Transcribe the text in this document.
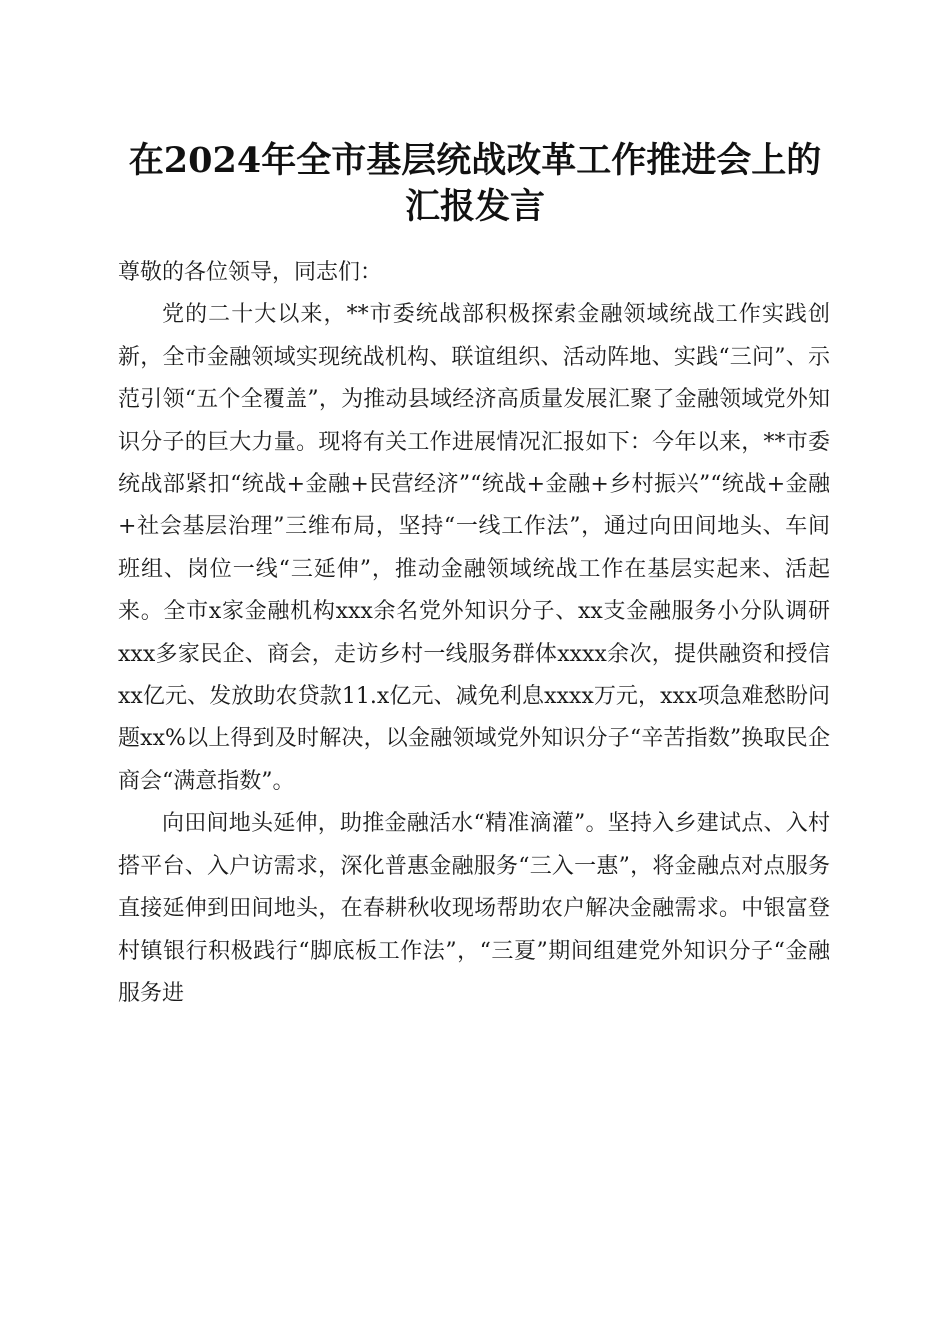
在2024年全市基层统战改革工作推进会上的
汇报发言

尊敬的各位领导，同志们：

党的二十大以来，**市委统战部积极探索金融领域统战工作实践创新，全市金融领域实现统战机构、联谊组织、活动阵地、实践“三问”、示范引领“五个全覆盖”，为推动县域经济高质量发展汇聚了金融领域党外知识分子的巨大力量。现将有关工作进展情况汇报如下：今年以来，**市委统战部紧扣“统战+金融+民营经济”“统战+金融+乡村振兴”“统战+金融+社会基层治理”三维布局，坚持“一线工作法”，通过向田间地头、车间班组、岗位一线“三延伸”，推动金融领域统战工作在基层实起来、活起来。全市x家金融机构xxx余名党外知识分子、xx支金融服务小分队调研xxx多家民企、商会，走访乡村一线服务群体xxxx余次，提供融资和授信xx亿元、发放助农贷款11.x亿元、减免利息xxxx万元，xxx项急难愁盼问题xx%以上得到及时解决，以金融领域党外知识分子“辛苦指数”换取民企商会“满意指数”。

向田间地头延伸，助推金融活水“精准滴灌”。坚持入乡建试点、入村搭平台、入户访需求，深化普惠金融服务“三入一惠”，将金融点对点服务直接延伸到田间地头，在春耕秋收现场帮助农户解决金融需求。中银富登村镇银行积极践行“脚底板工作法”，“三夏”期间组建党外知识分子“金融服务进
